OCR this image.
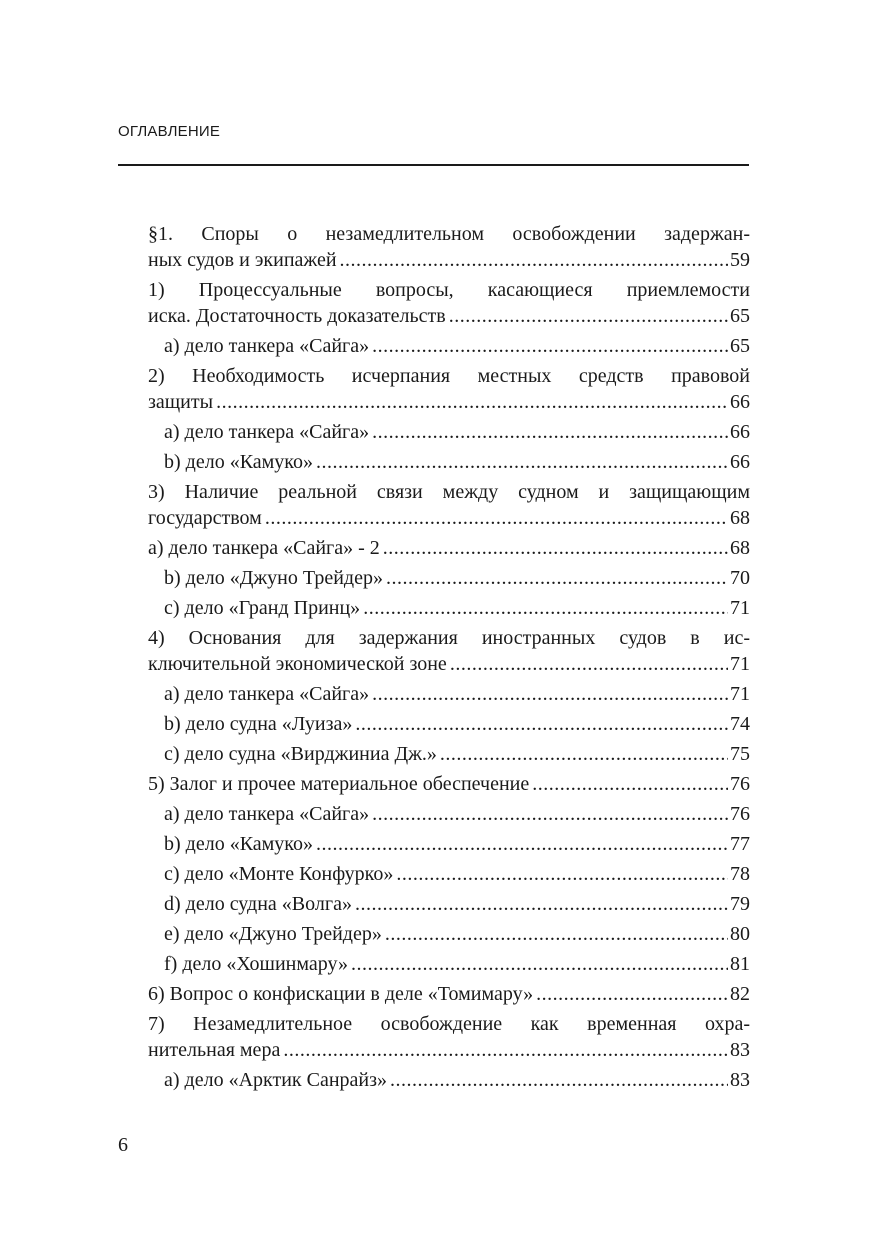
ОГЛАВЛЕНИЕ
§1. Споры о незамедлительном освобождении задержан-
ных судов и экипажей .....	59
1) Процессуальные вопросы, касающиеся приемлемости
иска. Достаточность доказательств .....	65
a) дело танкера «Сайга» .....	65
2) Необходимость исчерпания местных средств правовой
защиты .....	66
a) дело танкера «Сайга» .....	66
b) дело «Камуко» .....	66
3) Наличие реальной связи между судном и защищающим
государством .....	68
a) дело танкера «Сайга» - 2 .....	68
b) дело «Джуно Трейдер» .....	70
c) дело «Гранд Принц» .....	71
4) Основания для задержания иностранных судов в ис-
ключительной экономической зоне .....	71
a) дело танкера «Сайга» .....	71
b) дело судна «Луиза» .....	74
c) дело судна «Вирджиниа Дж.» .....	75
5) Залог и прочее материальное обеспечение .....	76
a) дело танкера «Сайга» .....	76
b) дело «Камуко» .....	77
c) дело «Монте Конфурко» .....	78
d) дело судна «Волга» .....	79
e) дело «Джуно Трейдер» .....	80
f) дело «Хошинмару» .....	81
6) Вопрос о конфискации в деле «Томимару» .....	82
7) Незамедлительное освобождение как временная охра-
нительная мера .....	83
a) дело «Арктик Санрайз» .....	83
6
